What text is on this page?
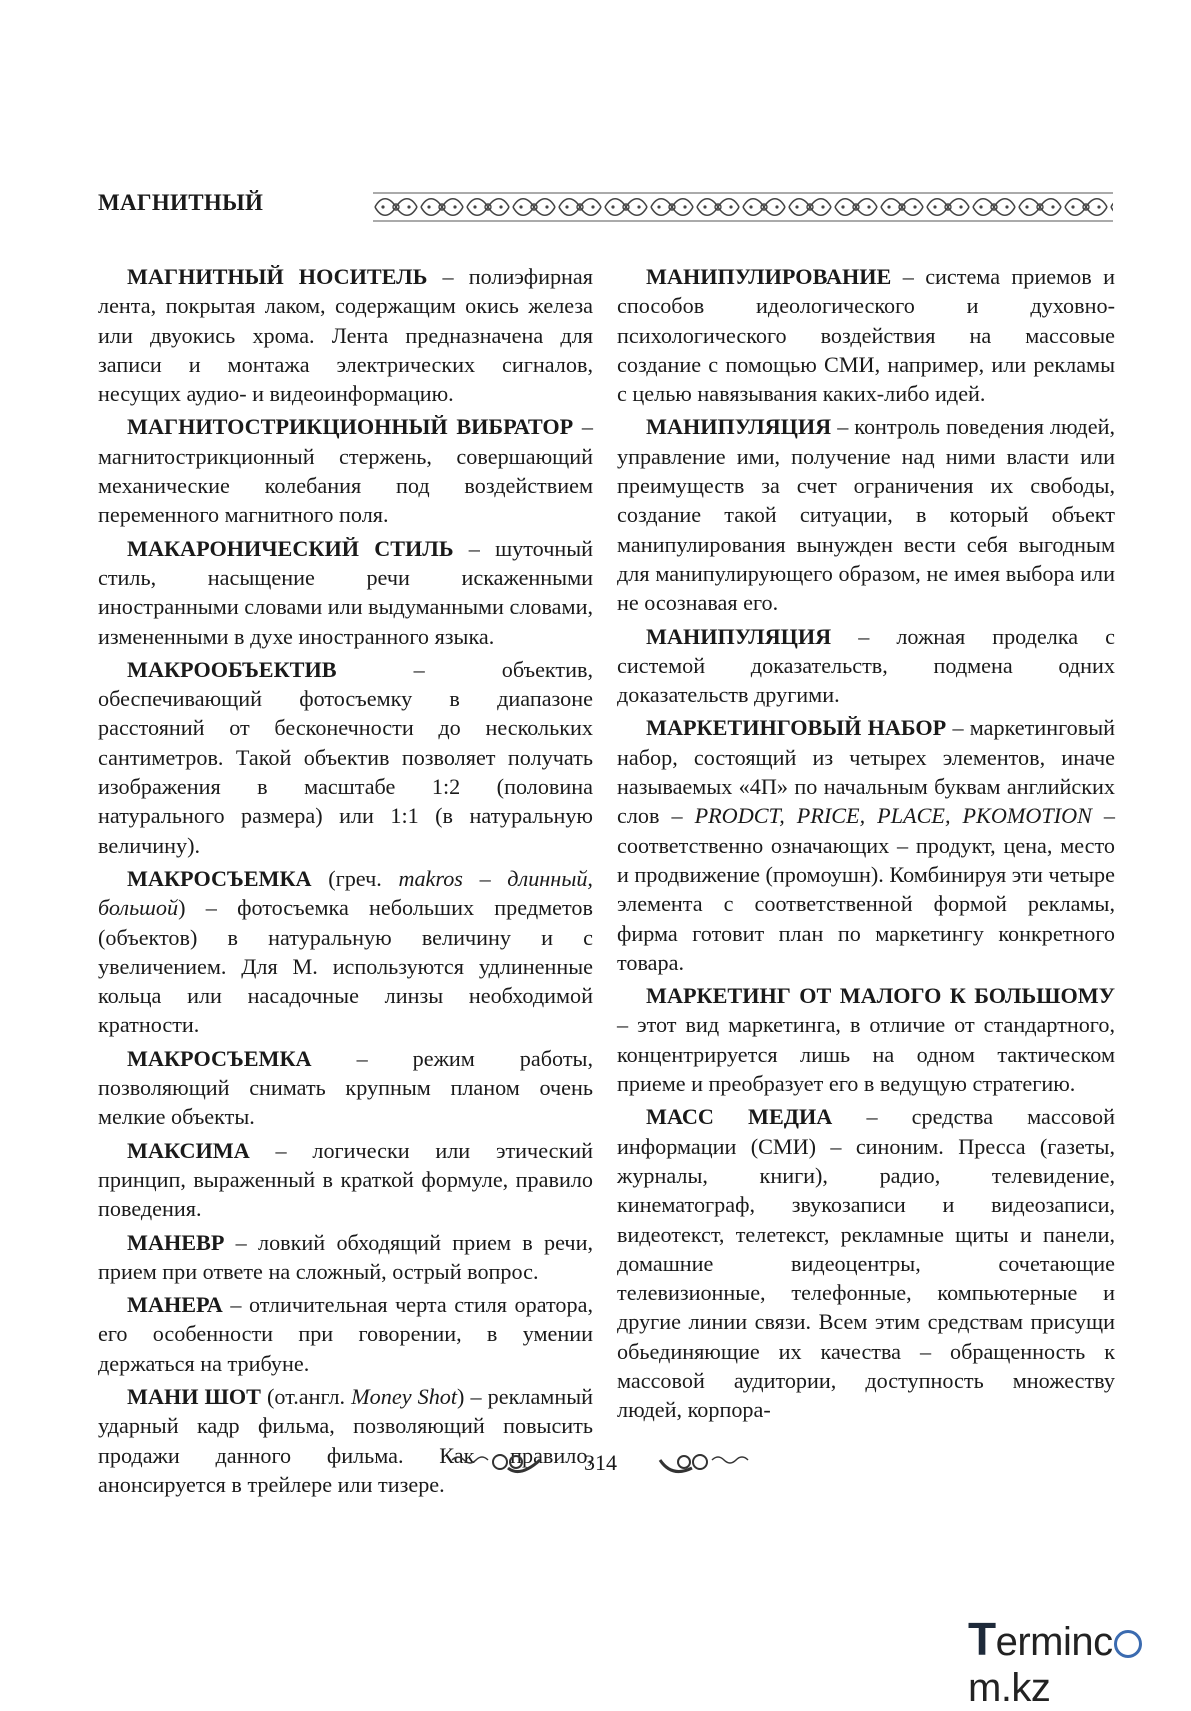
МАГНИТНЫЙ

МАГНИТНЫЙ НОСИТЕЛЬ – полиэфирная лента, покрытая лаком, содержащим окись железа или двуокись хрома. Лента предназначена для записи и монтажа электрических сигналов, несущих аудио- и видеоинформацию.

МАГНИТОСТРИКЦИОННЫЙ ВИБРАТОР – магнитострикционный стержень, совершающий механические колебания под воздействием переменного магнитного поля.

МАКАРОНИЧЕСКИЙ СТИЛЬ – шуточный стиль, насыщение речи искаженными иностранными словами или выдуманными словами, измененными в духе иностранного языка.

МАКРООБЪЕКТИВ – объектив, обеспечивающий фотосъемку в диапазоне расстояний от бесконечности до нескольких сантиметров. Такой объектив позволяет получать изображения в масштабе 1:2 (половина натурального размера) или 1:1 (в натуральную величину).

МАКРОСЪЕМКА (греч. makros – длинный, большой) – фотосъемка небольших предметов (объектов) в натуральную величину и с увеличением. Для М. используются удлиненные кольца или насадочные линзы необходимой кратности.

МАКРОСЪЕМКА – режим работы, позволяющий снимать крупным планом очень мелкие объекты.

МАКСИМА – логически или этический принцип, выраженный в краткой формуле, правило поведения.

МАНЕВР – ловкий обходящий прием в речи, прием при ответе на сложный, острый вопрос.

МАНЕРА – отличительная черта стиля оратора, его особенности при говорении, в умении держаться на трибуне.

МАНИ ШОТ (от.англ. Money Shot) – рекламный ударный кадр фильма, позволяющий повысить продажи данного фильма. Как правило, анонсируется в трейлере или тизере.

МАНИПУЛИРОВАНИЕ – система приемов и способов идеологического и духовно-психологического воздействия на массовые создание с помощью СМИ, например, или рекламы с целью навязывания каких-либо идей.

МАНИПУЛЯЦИЯ – контроль поведения людей, управление ими, получение над ними власти или преимуществ за счет ограничения их свободы, создание такой ситуации, в который объект манипулирования вынужден вести себя выгодным для манипулирующего образом, не имея выбора или не осознавая его.

МАНИПУЛЯЦИЯ – ложная проделка с системой доказательств, подмена одних доказательств другими.

МАРКЕТИНГОВЫЙ НАБОР – маркетинговый набор, состоящий из четырех элементов, иначе называемых «4П» по начальным буквам английских слов – PRODCT, PRICE, PLACE, PKOMOTION – соответственно означающих – продукт, цена, место и продвижение (промоушн). Комбинируя эти четыре элемента с соответственной формой рекламы, фирма готовит план по маркетингу конкретного товара.

МАРКЕТИНГ ОТ МАЛОГО К БОЛЬШОМУ – этот вид маркетинга, в отличие от стандартного, концентрируется лишь на одном тактическом приеме и преобразует его в ведущую стратегию.

МАСС МЕДИА – средства массовой информации (СМИ) – синоним. Пресса (газеты, журналы, книги), радио, телевидение, кинематограф, звукозаписи и видеозаписи, видеотекст, телетекст, рекламные щиты и панели, домашние видеоцентры, сочетающие телевизионные, телефонные, компьютерные и другие линии связи. Всем этим средствам присущи обьединяющие их качества – обращенность к массовой аудитории, доступность множеству людей, корпора-

314
Termincm.kz
